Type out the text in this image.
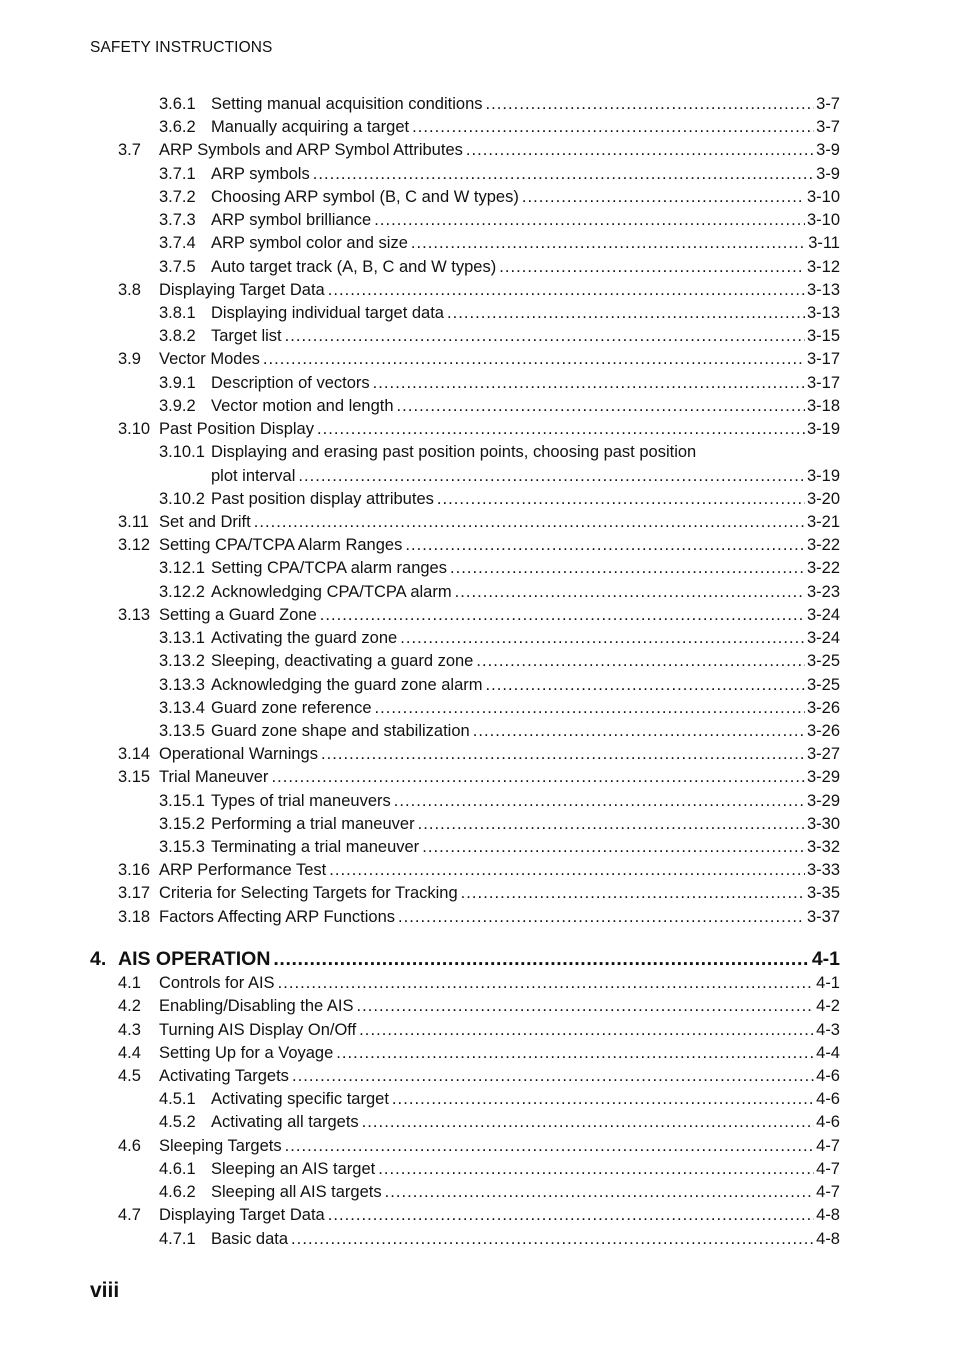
SAFETY INSTRUCTIONS
3.6.1 Setting manual acquisition conditions .....	3-7
3.6.2 Manually acquiring a target .....	3-7
3.7	ARP Symbols and ARP Symbol Attributes .....	3-9
3.7.1 ARP symbols .....	3-9
3.7.2 Choosing ARP symbol (B, C and W types) .....	3-10
3.7.3 ARP symbol brilliance .....	3-10
3.7.4 ARP symbol color and size .....	3-11
3.7.5 Auto target track (A, B, C and W types) .....	3-12
3.8	Displaying Target Data .....	3-13
3.8.1 Displaying individual target data .....	3-13
3.8.2 Target list .....	3-15
3.9	Vector Modes .....	3-17
3.9.1 Description of vectors .....	3-17
3.9.2 Vector motion and length .....	3-18
3.10 Past Position Display .....	3-19
3.10.1 Displaying and erasing past position points, choosing past position
plot interval .....	3-19
3.10.2 Past position display attributes .....	3-20
3.11 Set and Drift .....	3-21
3.12 Setting CPA/TCPA Alarm Ranges .....	3-22
3.12.1 Setting CPA/TCPA alarm ranges .....	3-22
3.12.2 Acknowledging CPA/TCPA alarm .....	3-23
3.13 Setting a Guard Zone .....	3-24
3.13.1 Activating the guard zone .....	3-24
3.13.2 Sleeping, deactivating a guard zone .....	3-25
3.13.3 Acknowledging the guard zone alarm .....	3-25
3.13.4 Guard zone reference .....	3-26
3.13.5 Guard zone shape and stabilization .....	3-26
3.14 Operational Warnings .....	3-27
3.15 Trial Maneuver .....	3-29
3.15.1 Types of trial maneuvers .....	3-29
3.15.2 Performing a trial maneuver .....	3-30
3.15.3 Terminating a trial maneuver .....	3-32
3.16 ARP Performance Test .....	3-33
3.17 Criteria for Selecting Targets for Tracking .....	3-35
3.18 Factors Affecting ARP Functions .....	3-37
4. AIS OPERATION .....	4-1
4.1	Controls for AIS .....	4-1
4.2	Enabling/Disabling the AIS .....	4-2
4.3	Turning AIS Display On/Off .....	4-3
4.4	Setting Up for a Voyage .....	4-4
4.5	Activating Targets .....	4-6
4.5.1 Activating specific target .....	4-6
4.5.2 Activating all targets .....	4-6
4.6	Sleeping Targets .....	4-7
4.6.1 Sleeping an AIS target .....	4-7
4.6.2 Sleeping all AIS targets .....	4-7
4.7	Displaying Target Data .....	4-8
4.7.1 Basic data .....	4-8
viii
